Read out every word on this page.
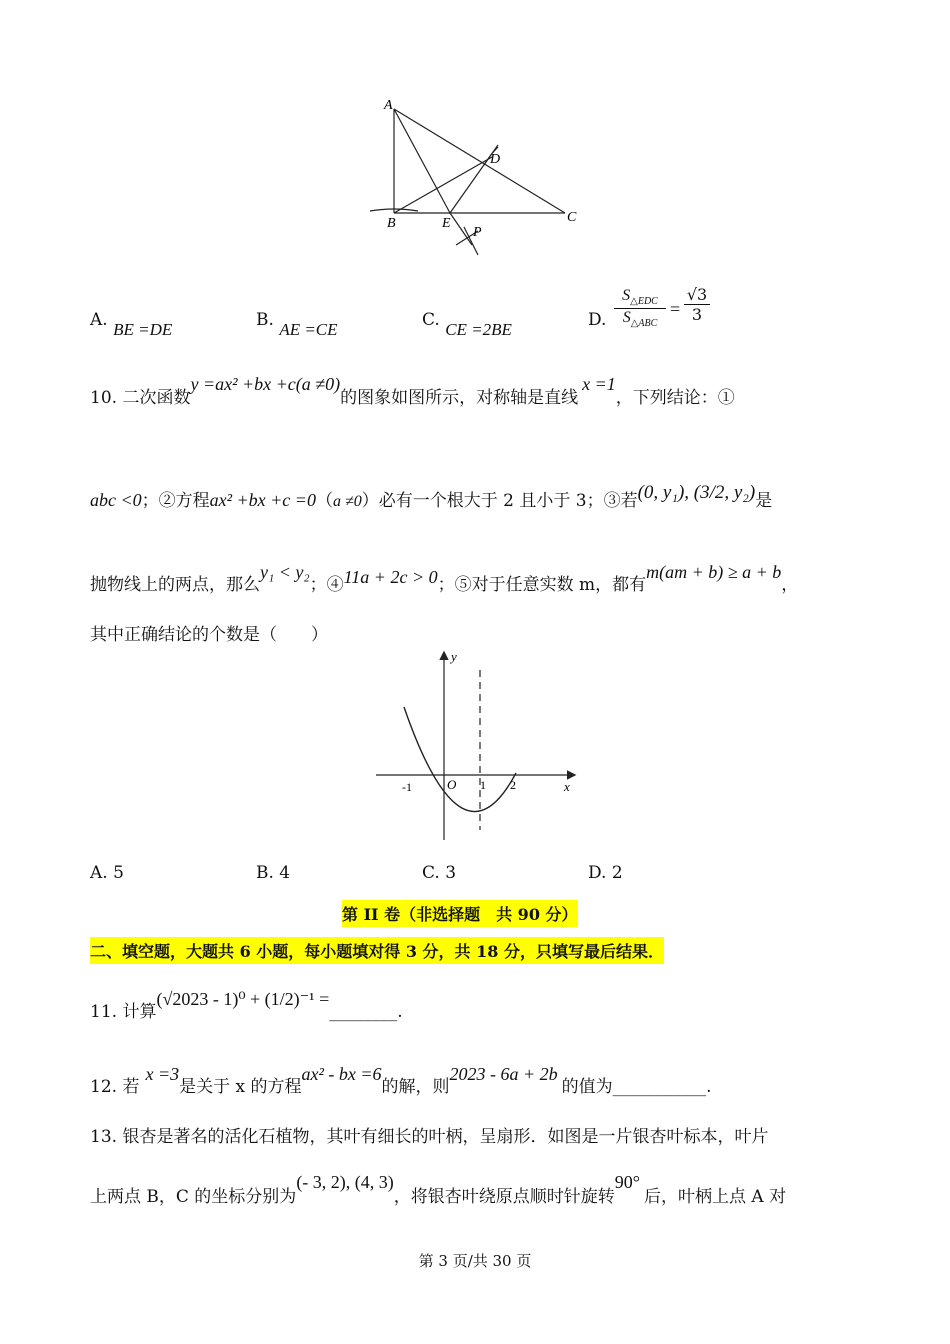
A
D
B	E	C
P
A. BE =DE	B. AE =CE	C. CE =2BE	D.
$S_{\triangle EDC}$
$S_{\triangle ABC}$
= $\frac{√3}{3}$
10. 二次函数y =ax² +bx +c(a ≠0)的图象如图所示，对称轴是直线x =1，下列结论：①
abc <0；②方程ax² +bx +c =0（a ≠0）必有一个根大于 2 且小于 3；③若(0, y₁), (3/2, y₂)是
抛物线上的两点，那么y₁ < y₂；④11a + 2c > 0；⑤对于任意实数 m，都有m(am + b) ≥ a + b，
其中正确结论的个数是（　　）
y
x
O
-1	1 2
A. 5	B. 4	C. 3	D. 2
第 II 卷（非选择题　共 90 分）
二、填空题，大题共 6 小题，每小题填对得 3 分，共 18 分，只填写最后结果．
11. 计算(√2023 - 1)⁰ + (1/2)⁻¹ =________.
12. 若x =3是关于 x 的方程ax² - bx =6的解，则2023 - 6a + 2b的值为___________.
13. 银杏是著名的活化石植物，其叶有细长的叶柄，呈扇形．如图是一片银杏叶标本，叶片
上两点 B，C 的坐标分别为(- 3, 2), (4, 3)，将银杏叶绕原点顺时针旋转90°后，叶柄上点 A 对
第 3 页/共 30 页
